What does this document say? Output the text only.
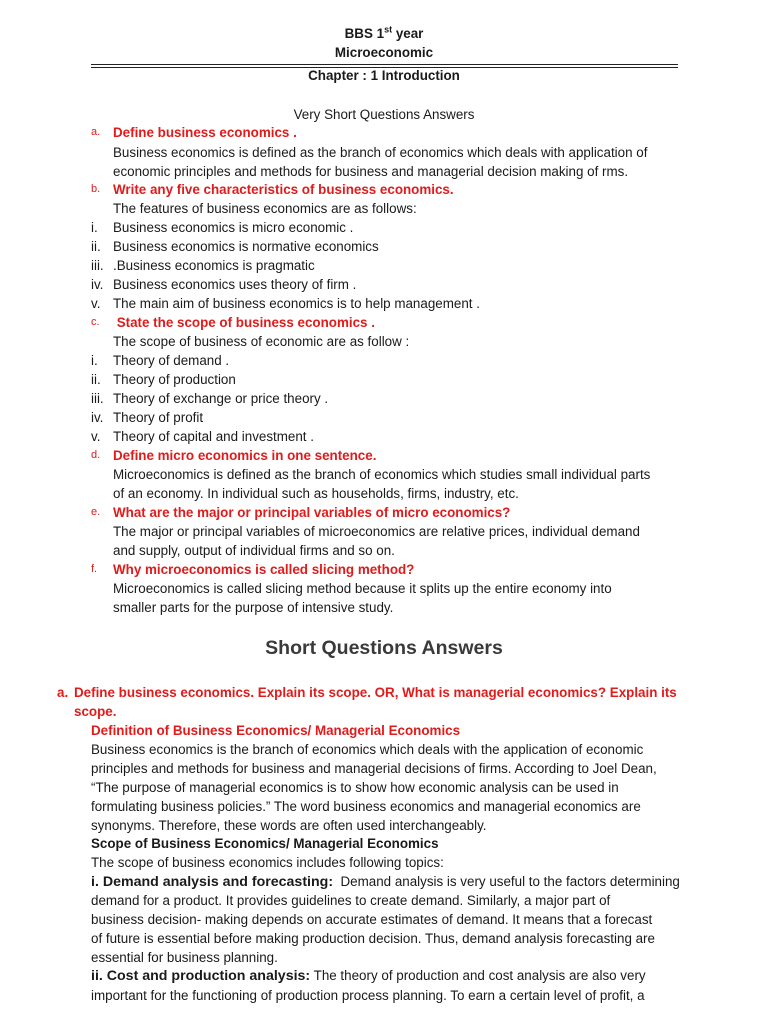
BBS 1st year
Microeconomic
Chapter : 1 Introduction
Very Short Questions Answers
a. Define business economics .
Business economics is defined as the branch of economics which deals with application of
economic principles and methods for business and managerial decision making of rms.
b. Write any five characteristics of business economics.
The features of business economics are as follows:
i. Business economics is micro economic .
ii. Business economics is normative economics
iii. .Business economics is pragmatic
iv. Business economics uses theory of firm .
v. The main aim of business economics is to help management .
c. State the scope of business economics .
The scope of business of economic are as follow :
i. Theory of demand .
ii. Theory of production
iii. Theory of exchange or price theory .
iv. Theory of profit
v. Theory of capital and investment .
d. Define micro economics in one sentence.
Microeconomics is defined as the branch of economics which studies small individual parts
of an economy. In individual such as households, firms, industry, etc.
e. What are the major or principal variables of micro economics?
The major or principal variables of microeconomics are relative prices, individual demand
and supply, output of individual firms and so on.
f. Why microeconomics is called slicing method?
Microeconomics is called slicing method because it splits up the entire economy into
smaller parts for the purpose of intensive study.
Short Questions Answers
a. Define business economics. Explain its scope. OR, What is managerial economics? Explain its
scope.
Definition of Business Economics/ Managerial Economics
Business economics is the branch of economics which deals with the application of economic
principles and methods for business and managerial decisions of firms. According to Joel Dean,
“The purpose of managerial economics is to show how economic analysis can be used in
formulating business policies.” The word business economics and managerial economics are
synonyms. Therefore, these words are often used interchangeably.
Scope of Business Economics/ Managerial Economics
The scope of business economics includes following topics:
i. Demand analysis and forecasting:  Demand analysis is very useful to the factors determining
demand for a product. It provides guidelines to create demand. Similarly, a major part of
business decision- making depends on accurate estimates of demand. It means that a forecast
of future is essential before making production decision. Thus, demand analysis forecasting are
essential for business planning.
ii. Cost and production analysis: The theory of production and cost analysis are also very
important for the functioning of production process planning. To earn a certain level of profit, a
